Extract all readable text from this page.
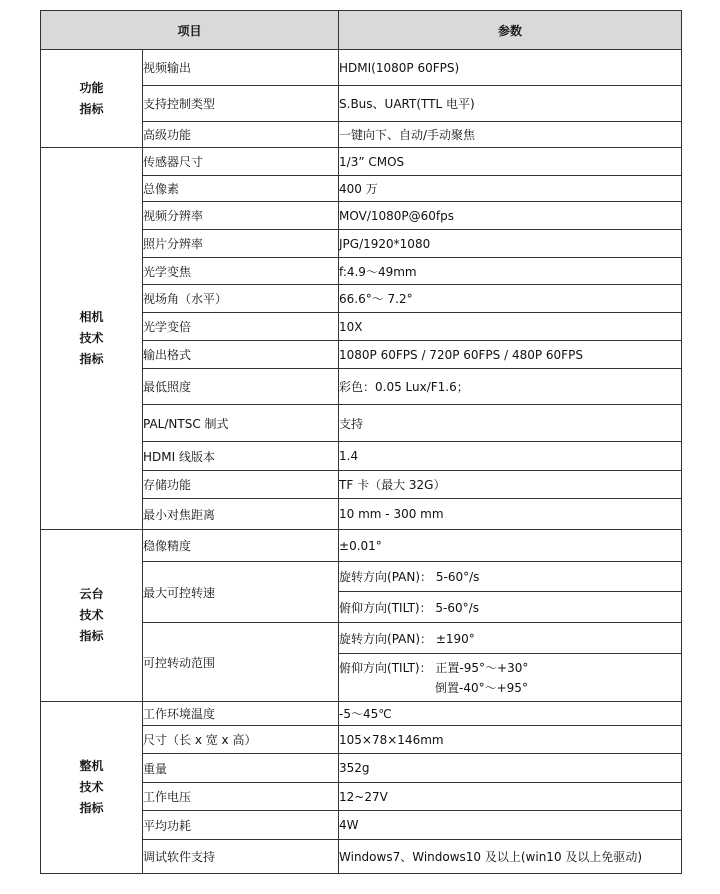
项目		参数

功能
指标	视频输出	HDMI(1080P 60FPS)
	支持控制类型	S.Bus、UART(TTL 电平)
	高级功能	一键向下、自动/手动聚焦

相机
技术
指标	传感器尺寸	1/3” CMOS
	总像素	400 万
	视频分辨率	MOV/1080P@60fps
	照片分辨率	JPG/1920*1080
	光学变焦	f:4.9～49mm
	视场角（水平）	66.6°～ 7.2°
	光学变倍	10X
	输出格式	1080P 60FPS / 720P 60FPS / 480P 60FPS
	最低照度	彩色：0.05 Lux/F1.6；
	PAL/NTSC 制式	支持
	HDMI 线版本	1.4
	存储功能	TF 卡（最大 32G）
	最小对焦距离	10 mm - 300 mm

云台
技术
指标	稳像精度	±0.01°
	最大可控转速	旋转方向(PAN)： 5-60°/s
		俯仰方向(TILT)： 5-60°/s
	可控转动范围	旋转方向(PAN)： ±190°
		俯仰方向(TILT)： 正置-95°～+30°
倒置-40°～+95°

整机
技术
指标	工作环境温度	-5～45℃
	尺寸（长 x 宽 x 高）	105×78×146mm
	重量	352g
	工作电压	12~27V
	平均功耗	4W
	调试软件支持	Windows7、Windows10 及以上(win10 及以上免驱动)
